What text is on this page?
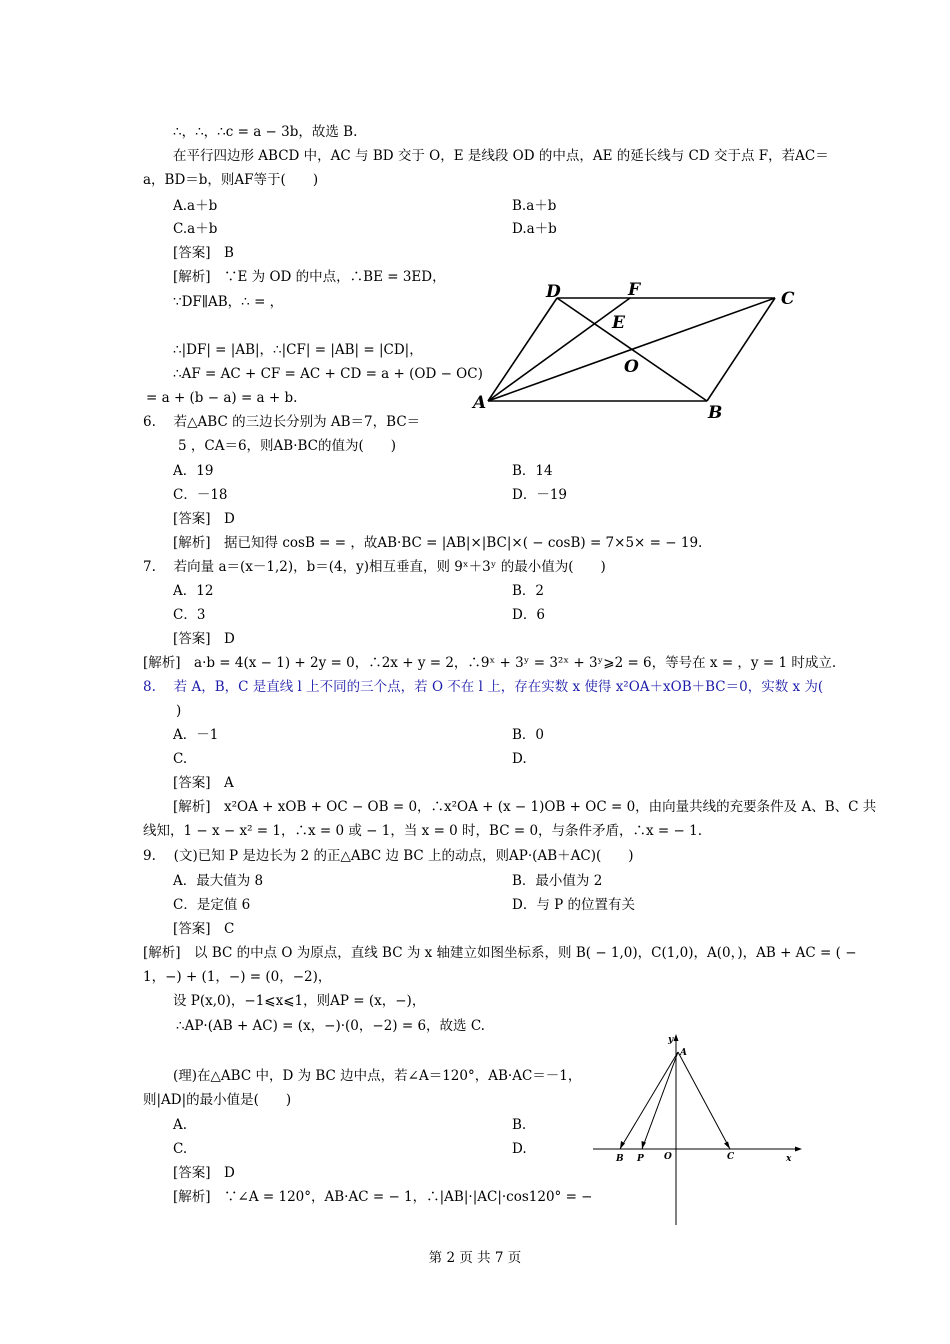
∴，∴，∴c = a − 3b，故选 B.
在平行四边形 ABCD 中，AC 与 BD 交于 O，E 是线段 OD 的中点，AE 的延长线与 CD 交于点 F，若AC＝
a，BD＝b，则AF等于(　　)
A.a＋b	B.a＋b
C.a＋b	D.a＋b
[答案]　B
[解析]　∵E 为 OD 的中点，∴BE = 3ED，
∵DF∥AB，∴ = ，
∴|DF| = |AB|，∴|CF| = |AB| = |CD|，
∴AF = AC + CF = AC + CD = a + (OD − OC)
= a + (b − a) = a + b.
6.　 若△ABC 的三边长分别为 AB＝7，BC＝
5 ，CA＝6，则AB·BC的值为(　　)
A．19	B．14
C．－18	D．－19
[答案]　D
[解析]　据已知得 cosB = = ，故AB·BC = |AB|×|BC|×( − cosB) = 7×5× = − 19.
7.　 若向量 a＝(x－1,2)，b＝(4，y)相互垂直，则 9ˣ＋3ʸ 的最小值为(　　)
A．12	B．2
C．3	D．6
[答案]　D
[解析]　a·b = 4(x − 1) + 2y = 0，∴2x + y = 2，∴9ˣ + 3ʸ = 3²ˣ + 3ʸ⩾2 = 6，等号在 x = ，y = 1 时成立.
8.　 若 A，B，C 是直线 l 上不同的三个点，若 O 不在 l 上，存在实数 x 使得 x²OA＋xOB＋BC＝0，实数 x 为(
)
A．－1	B．0
C.	D.
[答案]　A
[解析]　x²OA + xOB + OC − OB = 0，∴x²OA + (x − 1)OB + OC = 0，由向量共线的充要条件及 A、B、C 共
线知，1 − x − x² = 1，∴x = 0 或 − 1，当 x = 0 时，BC = 0，与条件矛盾，∴x = − 1.
9.　 (文)已知 P 是边长为 2 的正△ABC 边 BC 上的动点，则AP·(AB＋AC)(　　)
A．最大值为 8	B．最小值为 2
C．是定值 6	D．与 P 的位置有关
[答案]　C
[解析]　以 BC 的中点 O 为原点，直线 BC 为 x 轴建立如图坐标系，则 B( − 1,0)，C(1,0)，A(0，)，AB + AC = ( −
1，−) + (1，−) = (0，−2)，
设 P(x,0)，−1⩽x⩽1，则AP = (x，−)，
∴AP·(AB + AC) = (x，−)·(0，−2) = 6，故选 C.
(理)在△ABC 中，D 为 BC 边中点，若∠A＝120°，AB·AC＝－1，
则|AD|的最小值是(　　)
A.	B.
C.	D.
[答案]　D
[解析]　∵∠A = 120°，AB·AC = − 1，∴|AB|·|AC|·cos120° = −
D	F	C
E
O
A	B
y
A
B P O	C	x
第 2 页 共 7 页
